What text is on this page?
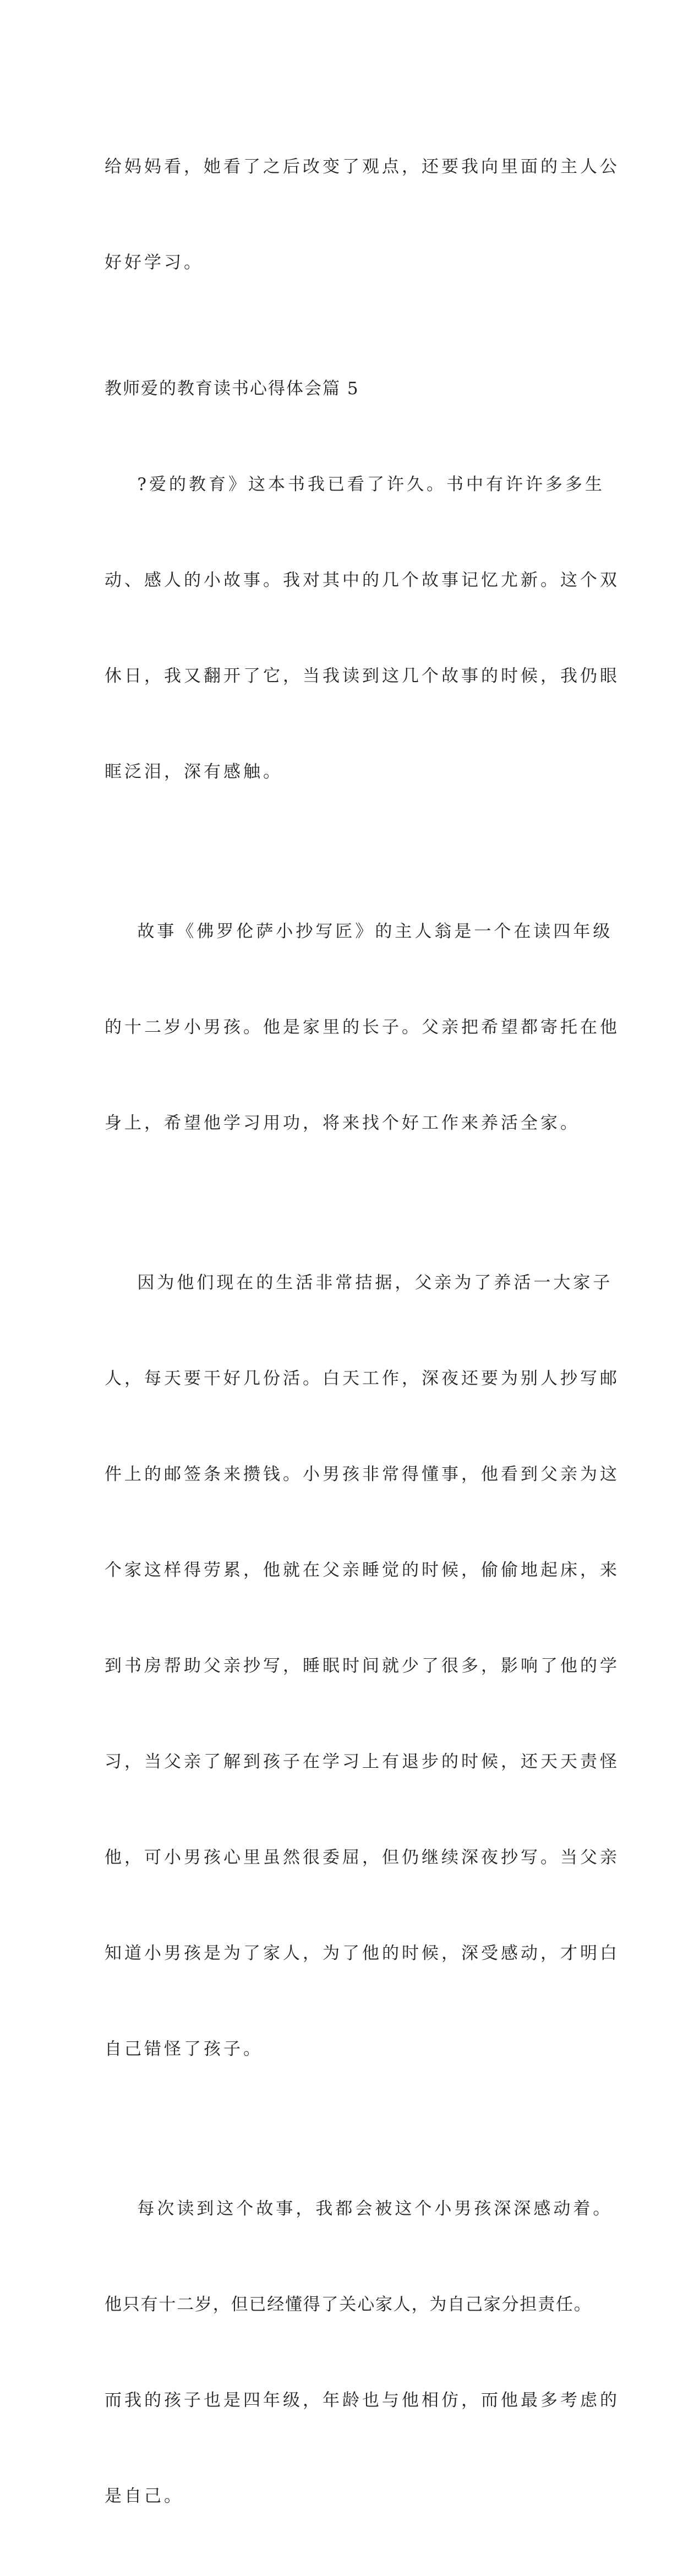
给妈妈看，她看了之后改变了观点，还要我向里面的主人公

好好学习。

教师爱的教育读书心得体会篇 5

?爱的教育》这本书我已看了许久。书中有许许多多生

动、感人的小故事。我对其中的几个故事记忆尤新。这个双

休日，我又翻开了它，当我读到这几个故事的时候，我仍眼

眶泛泪，深有感触。

故事《佛罗伦萨小抄写匠》的主人翁是一个在读四年级

的十二岁小男孩。他是家里的长子。父亲把希望都寄托在他

身上，希望他学习用功，将来找个好工作来养活全家。

因为他们现在的生活非常拮据，父亲为了养活一大家子

人，每天要干好几份活。白天工作，深夜还要为别人抄写邮

件上的邮签条来攒钱。小男孩非常得懂事，他看到父亲为这

个家这样得劳累，他就在父亲睡觉的时候，偷偷地起床，来

到书房帮助父亲抄写，睡眠时间就少了很多，影响了他的学

习，当父亲了解到孩子在学习上有退步的时候，还天天责怪

他，可小男孩心里虽然很委屈，但仍继续深夜抄写。当父亲

知道小男孩是为了家人，为了他的时候，深受感动，才明白

自己错怪了孩子。

每次读到这个故事，我都会被这个小男孩深深感动着。

他只有十二岁，但已经懂得了关心家人，为自己家分担责任。

而我的孩子也是四年级，年龄也与他相仿，而他最多考虑的

是自己。
